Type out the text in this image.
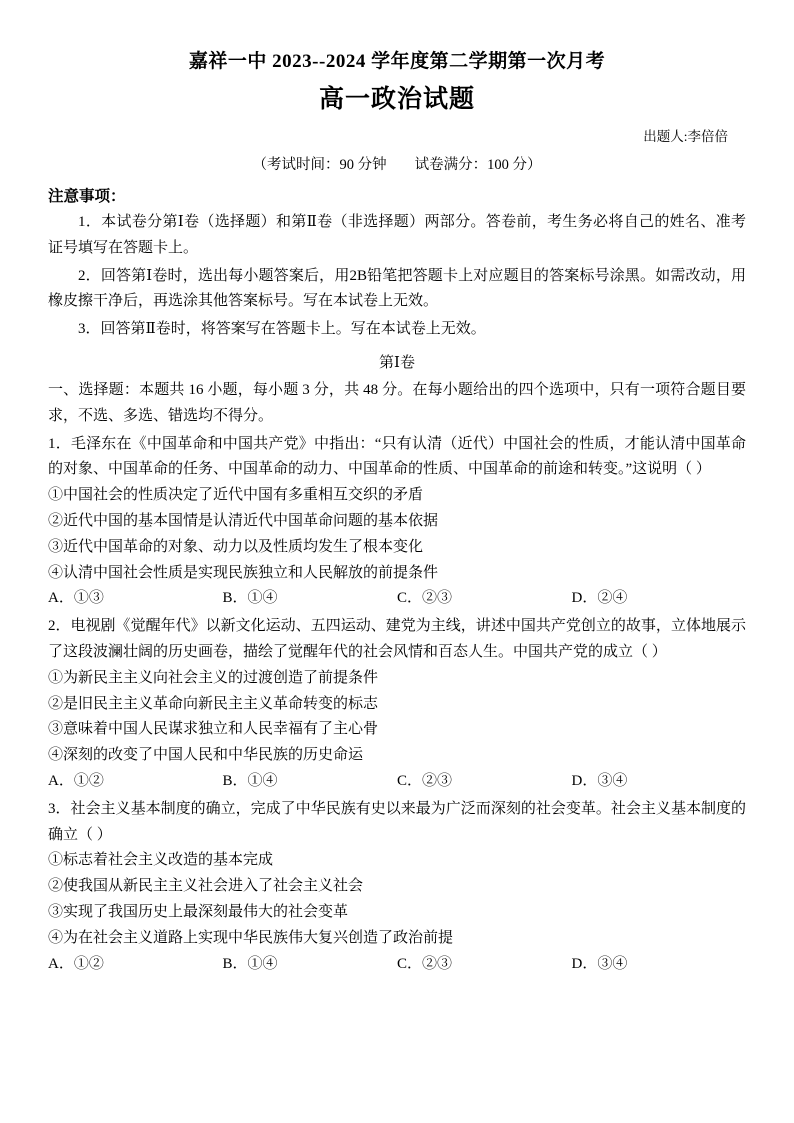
嘉祥一中 2023--2024 学年度第二学期第一次月考
高一政治试题
出题人:李倍倍
（考试时间：90 分钟 试卷满分：100 分）
注意事项：
1．本试卷分第Ⅰ卷（选择题）和第Ⅱ卷（非选择题）两部分。答卷前，考生务必将自己的姓名、准考证号填写在答题卡上。
2．回答第Ⅰ卷时，选出每小题答案后，用2B铅笔把答题卡上对应题目的答案标号涂黑。如需改动，用橡皮擦干净后，再选涂其他答案标号。写在本试卷上无效。
3．回答第Ⅱ卷时，将答案写在答题卡上。写在本试卷上无效。
第Ⅰ卷
一、选择题：本题共 16 小题，每小题 3 分，共 48 分。在每小题给出的四个选项中，只有一项符合题目要求，不选、多选、错选均不得分。
1．毛泽东在《中国革命和中国共产党》中指出：“只有认清（近代）中国社会的性质，才能认清中国革命的对象、中国革命的任务、中国革命的动力、中国革命的性质、中国革命的前途和转变。”这说明（ ）
①中国社会的性质决定了近代中国有多重相互交织的矛盾
②近代中国的基本国情是认清近代中国革命问题的基本依据
③近代中国革命的对象、动力以及性质均发生了根本变化
④认清中国社会性质是实现民族独立和人民解放的前提条件
A．①③	B．①④	C．②③	D．②④
2．电视剧《觉醒年代》以新文化运动、五四运动、建党为主线，讲述中国共产党创立的故事，立体地展示了这段波澜壮阔的历史画卷，描绘了觉醒年代的社会风情和百态人生。中国共产党的成立（ ）
①为新民主主义向社会主义的过渡创造了前提条件
②是旧民主主义革命向新民主主义革命转变的标志
③意味着中国人民谋求独立和人民幸福有了主心骨
④深刻的改变了中国人民和中华民族的历史命运
A．①②	B．①④	C．②③	D．③④
3．社会主义基本制度的确立，完成了中华民族有史以来最为广泛而深刻的社会变革。社会主义基本制度的确立（ ）
①标志着社会主义改造的基本完成
②使我国从新民主主义社会进入了社会主义社会
③实现了我国历史上最深刻最伟大的社会变革
④为在社会主义道路上实现中华民族伟大复兴创造了政治前提
A．①②	B．①④	C．②③	D．③④
